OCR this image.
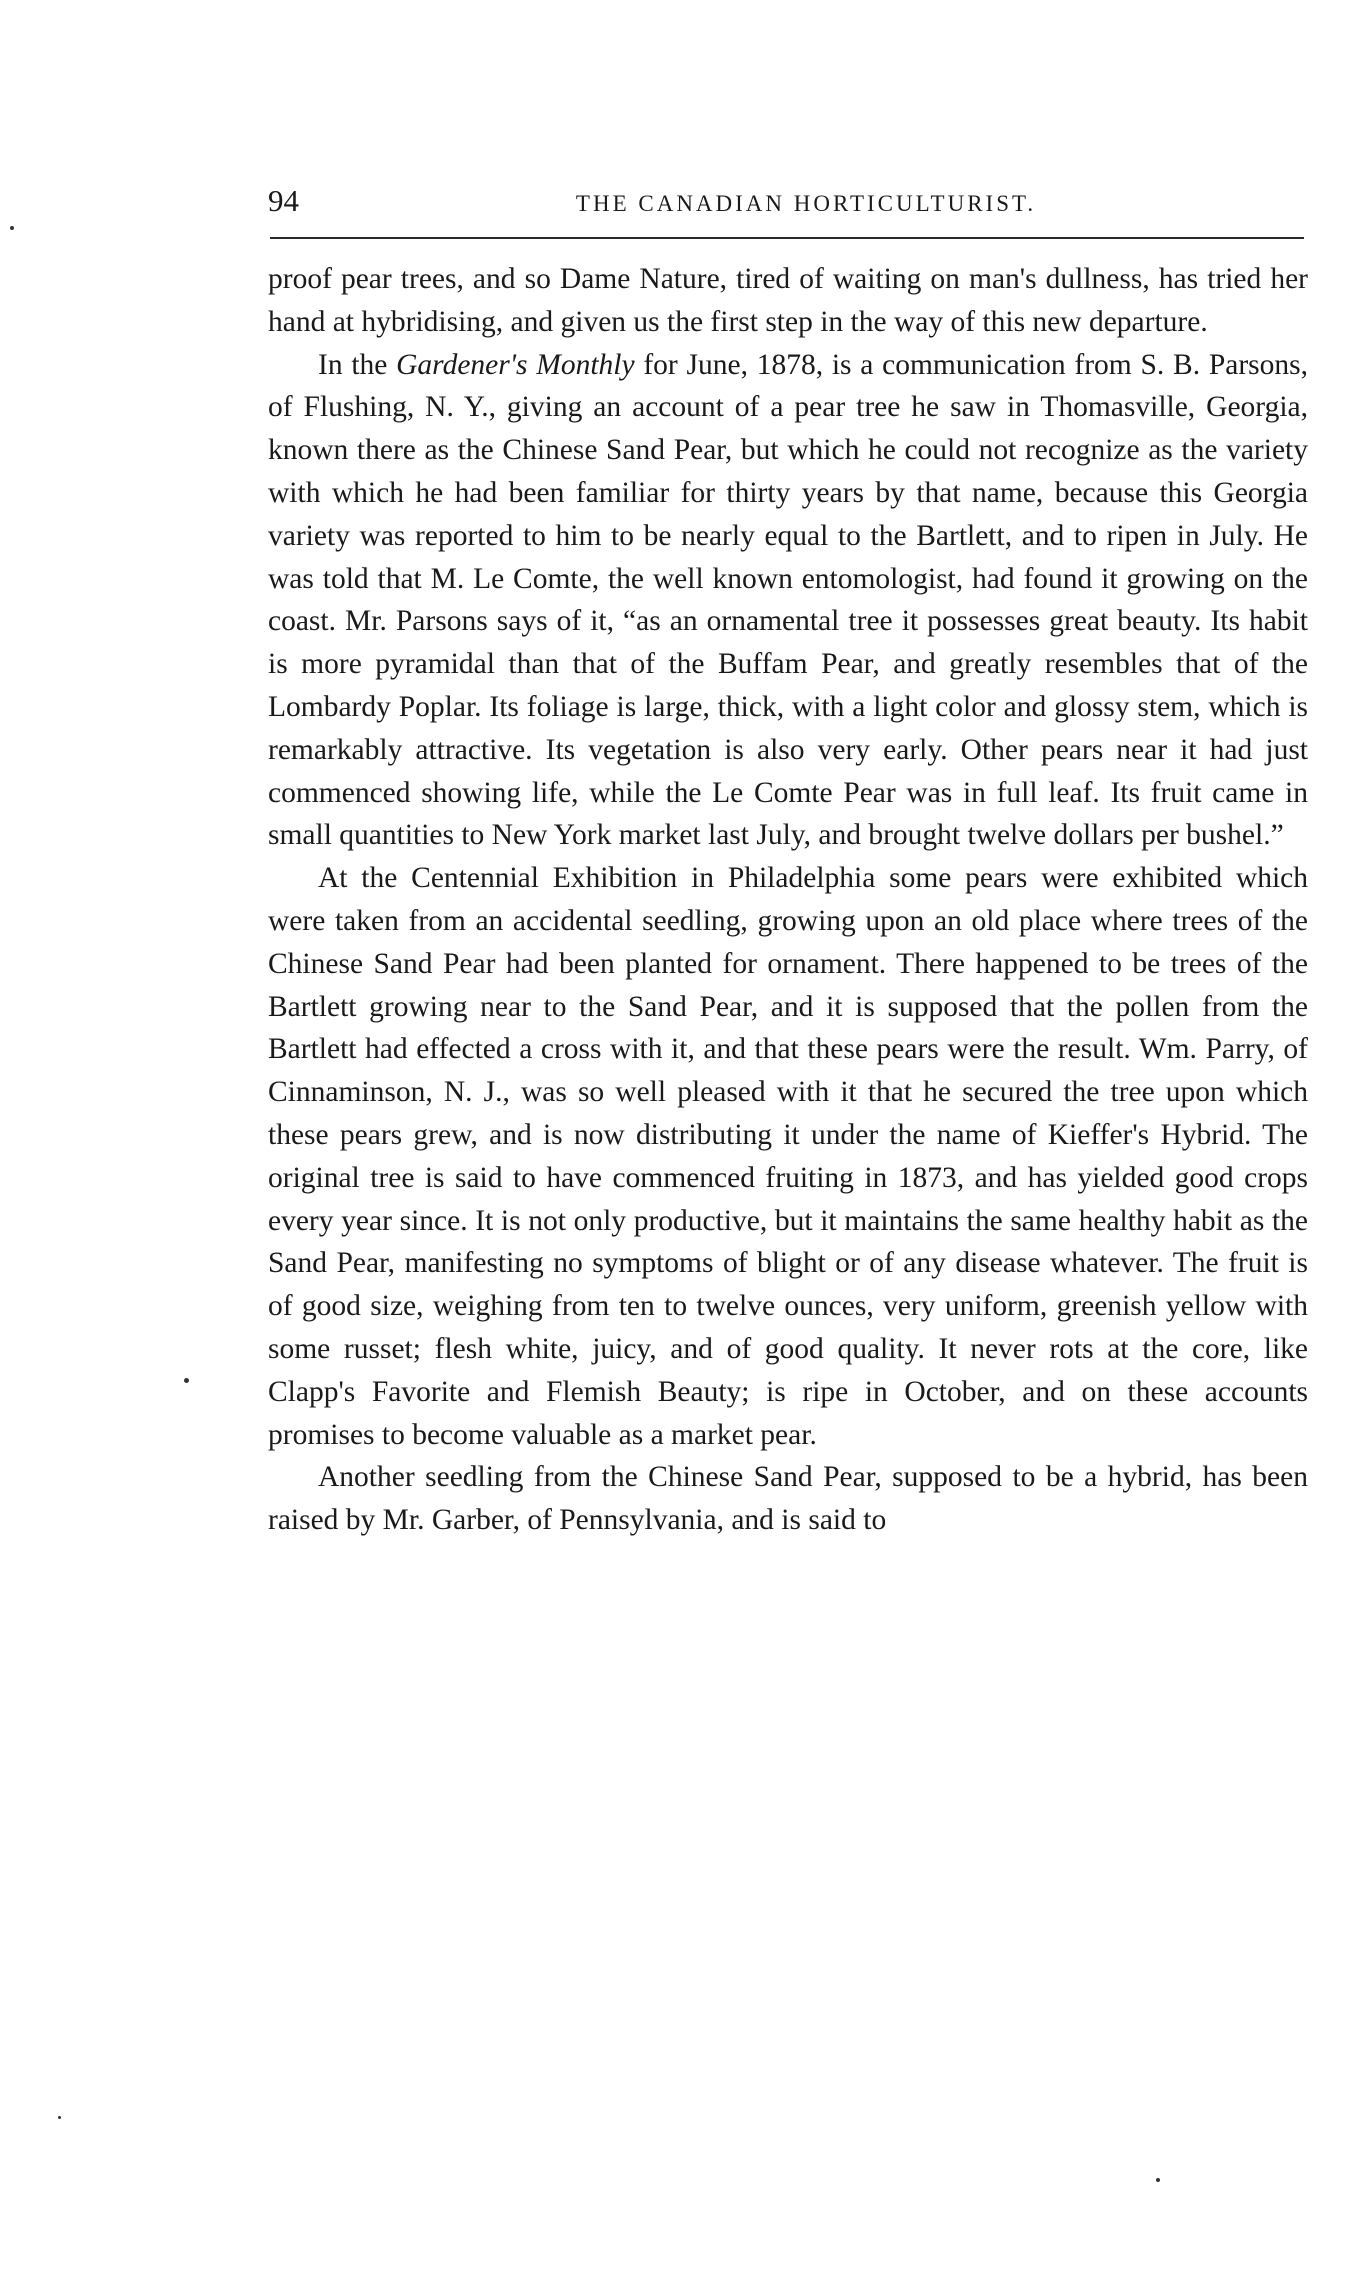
94	THE CANADIAN HORTICULTURIST.

proof pear trees, and so Dame Nature, tired of waiting on man's dullness, has tried her hand at hybridising, and given us the first step in the way of this new departure.

In the Gardener's Monthly for June, 1878, is a communication from S. B. Parsons, of Flushing, N. Y., giving an account of a pear tree he saw in Thomasville, Georgia, known there as the Chinese Sand Pear, but which he could not recognize as the variety with which he had been familiar for thirty years by that name, because this Georgia variety was reported to him to be nearly equal to the Bartlett, and to ripen in July. He was told that M. Le Comte, the well known entomologist, had found it growing on the coast. Mr. Parsons says of it, “as an ornamental tree it possesses great beauty. Its habit is more pyramidal than that of the Buffam Pear, and greatly resembles that of the Lombardy Poplar. Its foliage is large, thick, with a light color and glossy stem, which is remarkably attractive. Its vegetation is also very early. Other pears near it had just commenced showing life, while the Le Comte Pear was in full leaf. Its fruit came in small quantities to New York market last July, and brought twelve dollars per bushel.”

At the Centennial Exhibition in Philadelphia some pears were exhibited which were taken from an accidental seedling, growing upon an old place where trees of the Chinese Sand Pear had been planted for ornament. There happened to be trees of the Bartlett growing near to the Sand Pear, and it is supposed that the pollen from the Bartlett had effected a cross with it, and that these pears were the result. Wm. Parry, of Cinnaminson, N. J., was so well pleased with it that he secured the tree upon which these pears grew, and is now distributing it under the name of Kieffer's Hybrid. The original tree is said to have commenced fruiting in 1873, and has yielded good crops every year since. It is not only productive, but it maintains the same healthy habit as the Sand Pear, manifesting no symptoms of blight or of any disease whatever. The fruit is of good size, weighing from ten to twelve ounces, very uniform, greenish yellow with some russet; flesh white, juicy, and of good quality. It never rots at the core, like Clapp's Favorite and Flemish Beauty; is ripe in October, and on these accounts promises to become valuable as a market pear.

Another seedling from the Chinese Sand Pear, supposed to be a hybrid, has been raised by Mr. Garber, of Pennsylvania, and is said to
